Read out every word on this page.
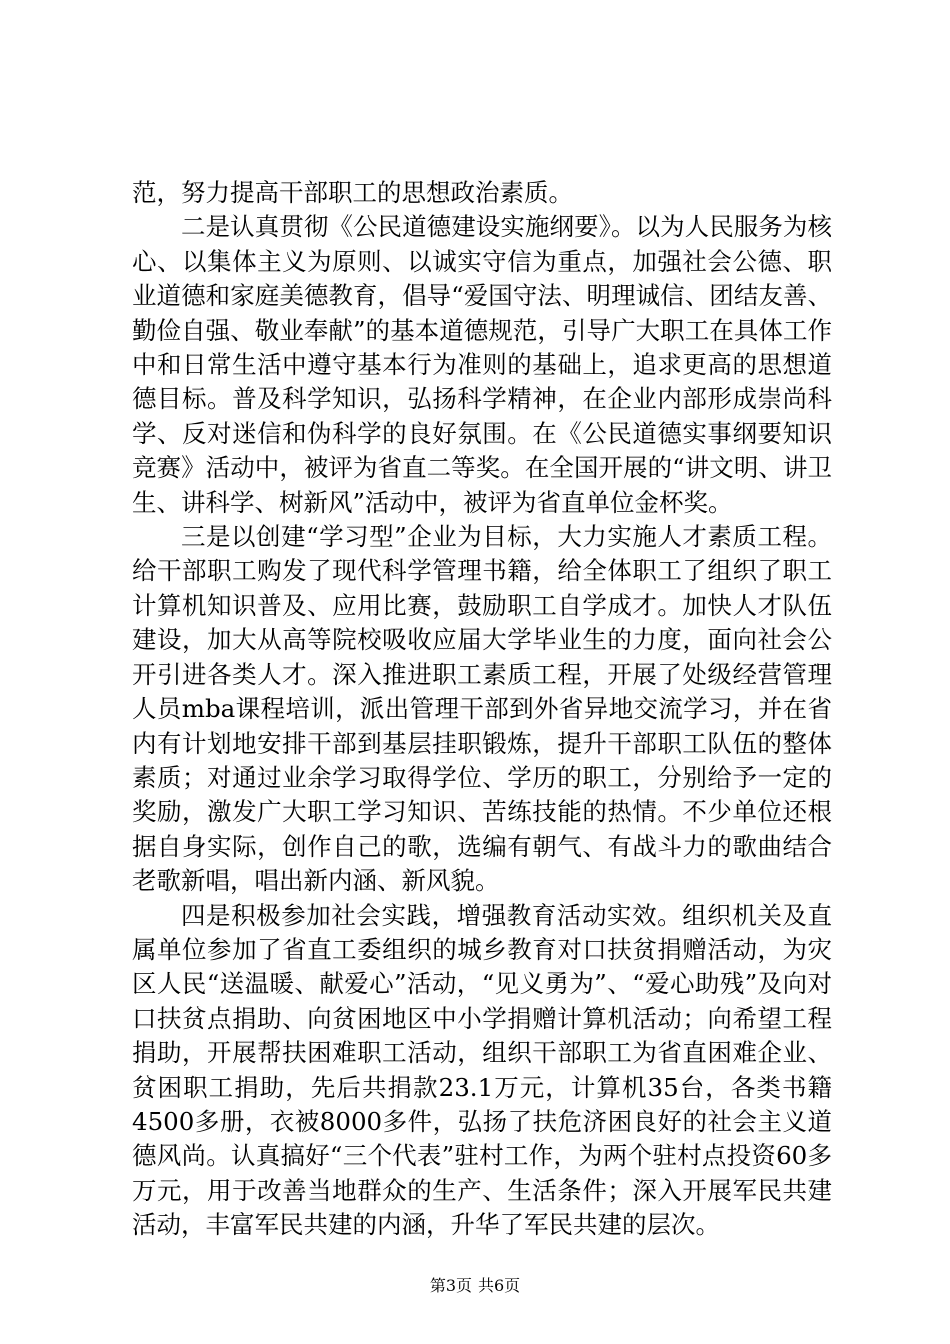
范，努力提高干部职工的思想政治素质。

二是认真贯彻《公民道德建设实施纲要》。以为人民服务为核心、以集体主义为原则、以诚实守信为重点，加强社会公德、职业道德和家庭美德教育，倡导“爱国守法、明理诚信、团结友善、勤俭自强、敬业奉献”的基本道德规范，引导广大职工在具体工作中和日常生活中遵守基本行为准则的基础上，追求更高的思想道德目标。普及科学知识，弘扬科学精神，在企业内部形成崇尚科学、反对迷信和伪科学的良好氛围。在《公民道德实事纲要知识竞赛》活动中，被评为省直二等奖。在全国开展的“讲文明、讲卫生、讲科学、树新风”活动中，被评为省直单位金杯奖。

三是以创建“学习型”企业为目标，大力实施人才素质工程。给干部职工购发了现代科学管理书籍，给全体职工了组织了职工计算机知识普及、应用比赛，鼓励职工自学成才。加快人才队伍建设，加大从高等院校吸收应届大学毕业生的力度，面向社会公开引进各类人才。深入推进职工素质工程，开展了处级经营管理人员mba课程培训，派出管理干部到外省异地交流学习，并在省内有计划地安排干部到基层挂职锻炼，提升干部职工队伍的整体素质；对通过业余学习取得学位、学历的职工，分别给予一定的奖励，激发广大职工学习知识、苦练技能的热情。不少单位还根据自身实际，创作自己的歌，选编有朝气、有战斗力的歌曲结合老歌新唱，唱出新内涵、新风貌。

四是积极参加社会实践，增强教育活动实效。组织机关及直属单位参加了省直工委组织的城乡教育对口扶贫捐赠活动，为灾区人民“送温暖、献爱心”活动，“见义勇为”、“爱心助残”及向对口扶贫点捐助、向贫困地区中小学捐赠计算机活动；向希望工程捐助，开展帮扶困难职工活动，组织干部职工为省直困难企业、贫困职工捐助，先后共捐款23.1万元，计算机35台，各类书籍4500多册，衣被8000多件，弘扬了扶危济困良好的社会主义道德风尚。认真搞好“三个代表”驻村工作，为两个驻村点投资60多万元，用于改善当地群众的生产、生活条件；深入开展军民共建活动，丰富军民共建的内涵，升华了军民共建的层次。

第3页 共6页
